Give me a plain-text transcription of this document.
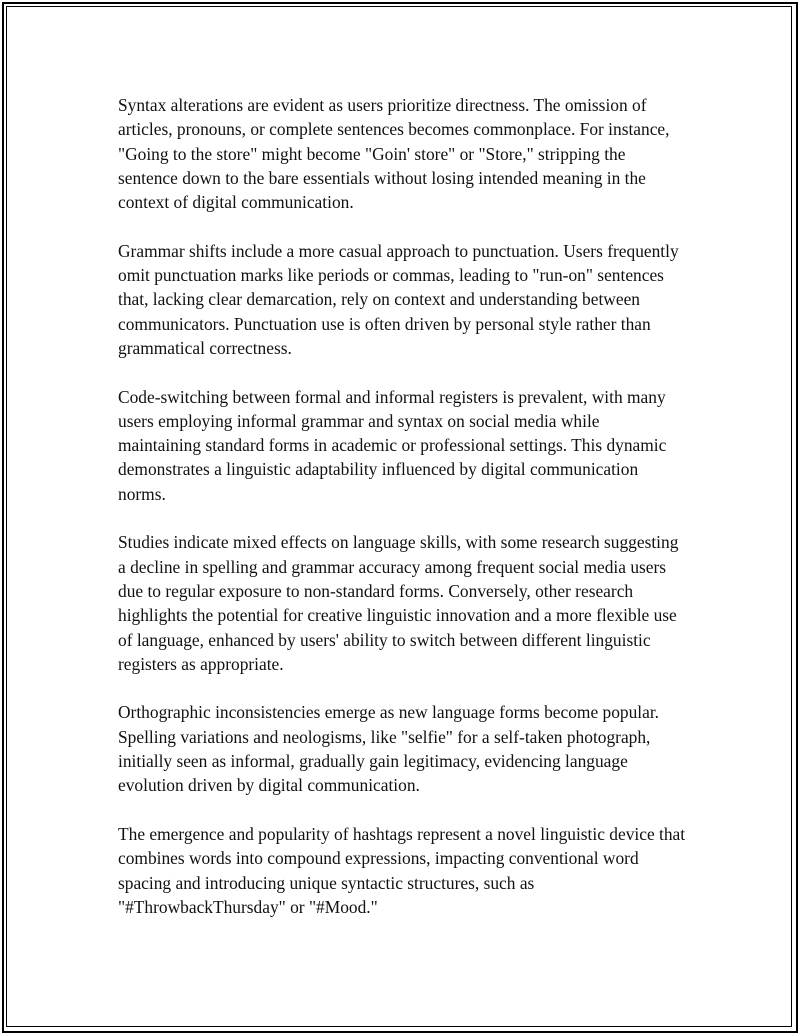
Syntax alterations are evident as users prioritize directness. The omission of articles, pronouns, or complete sentences becomes commonplace. For instance, "Going to the store" might become "Goin' store" or "Store," stripping the sentence down to the bare essentials without losing intended meaning in the context of digital communication.

Grammar shifts include a more casual approach to punctuation. Users frequently omit punctuation marks like periods or commas, leading to "run-on" sentences that, lacking clear demarcation, rely on context and understanding between communicators. Punctuation use is often driven by personal style rather than grammatical correctness.

Code-switching between formal and informal registers is prevalent, with many users employing informal grammar and syntax on social media while maintaining standard forms in academic or professional settings. This dynamic demonstrates a linguistic adaptability influenced by digital communication norms.

Studies indicate mixed effects on language skills, with some research suggesting a decline in spelling and grammar accuracy among frequent social media users due to regular exposure to non-standard forms. Conversely, other research highlights the potential for creative linguistic innovation and a more flexible use of language, enhanced by users' ability to switch between different linguistic registers as appropriate.

Orthographic inconsistencies emerge as new language forms become popular. Spelling variations and neologisms, like "selfie" for a self-taken photograph, initially seen as informal, gradually gain legitimacy, evidencing language evolution driven by digital communication.

The emergence and popularity of hashtags represent a novel linguistic device that combines words into compound expressions, impacting conventional word spacing and introducing unique syntactic structures, such as "#ThrowbackThursday" or "#Mood."
